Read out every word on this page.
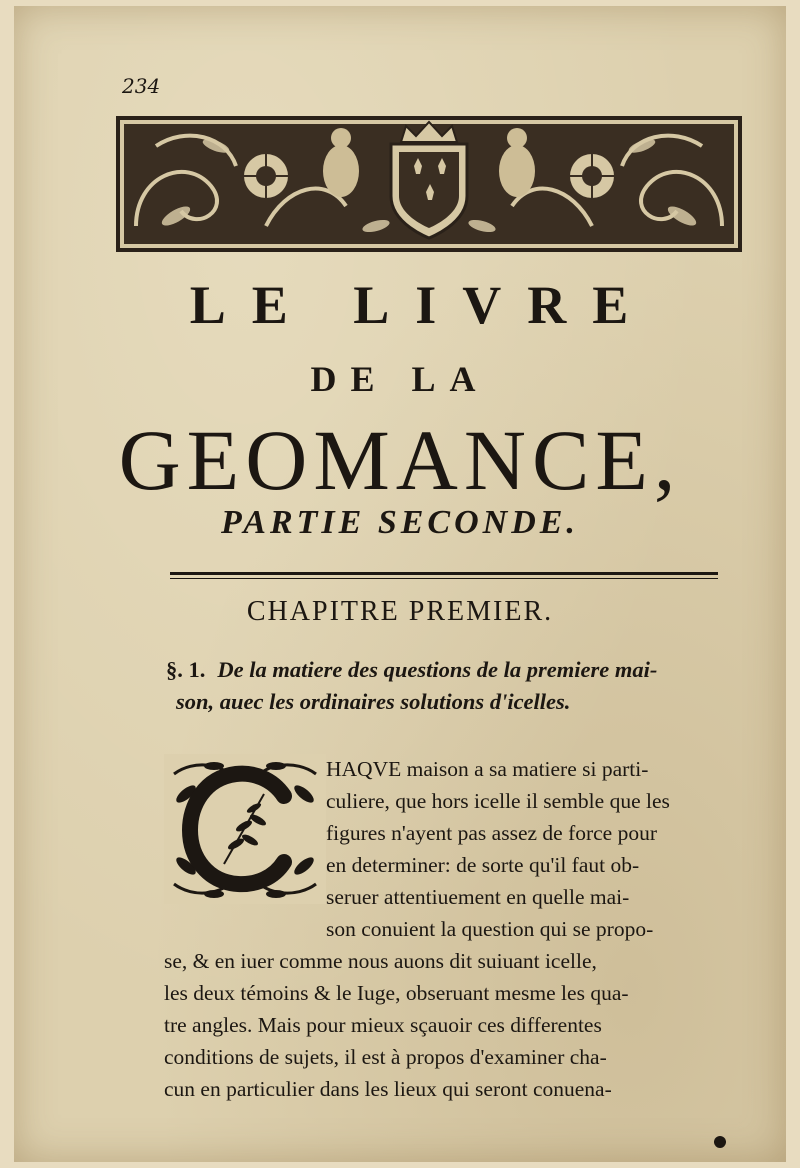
234
LE LIVRE
DE LA
GEOMANCE,
PARTIE SECONDE.
CHAPITRE PREMIER.
§. 1. De la matiere des questions de la premiere mai-
son, auec les ordinaires solutions d'icelles.
HAQVE maison a sa matiere si parti-
culiere, que hors icelle il semble que les
figures n'ayent pas assez de force pour
en determiner: de sorte qu'il faut ob-
seruer attentiuement en quelle mai-
son conuient la question qui se propo-
se, & en iuer comme nous auons dit suiuant icelle,
les deux témoins & le Iuge, obseruant mesme les qua-
tre angles. Mais pour mieux sçauoir ces differentes
conditions de sujets, il est à propos d'examiner cha-
cun en particulier dans les lieux qui seront conuena-
